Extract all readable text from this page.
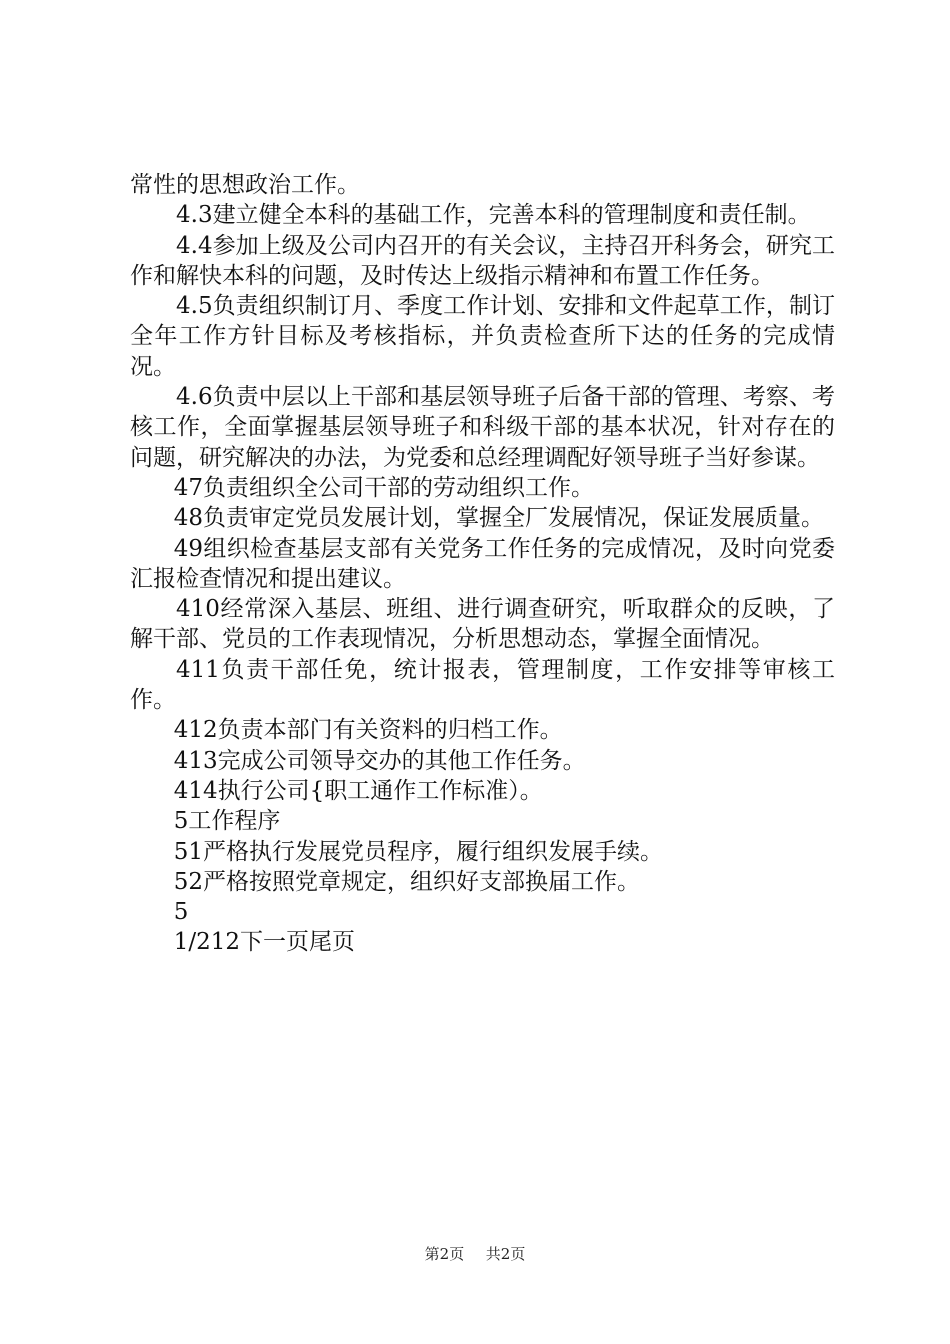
常性的思想政治工作。

4.3建立健全本科的基础工作，完善本科的管理制度和责任制。

4.4参加上级及公司内召开的有关会议，主持召开科务会，研究工作和解快本科的问题，及时传达上级指示精神和布置工作任务。

4.5负责组织制订月、季度工作计划、安排和文件起草工作，制订全年工作方针目标及考核指标，并负责检查所下达的任务的完成情况。

4.6负责中层以上干部和基层领导班子后备干部的管理、考察、考核工作，全面掌握基层领导班子和科级干部的基本状况，针对存在的问题，研究解决的办法，为党委和总经理调配好领导班子当好参谋。

47负责组织全公司干部的劳动组织工作。

48负责审定党员发展计划，掌握全厂发展情况，保证发展质量。

49组织检查基层支部有关党务工作任务的完成情况，及时向党委汇报检查情况和提出建议。

410经常深入基层、班组、进行调查研究，听取群众的反映，了解干部、党员的工作表现情况，分析思想动态，掌握全面情况。

411负责干部任免，统计报表，管理制度，工作安排等审核工作。

412负责本部门有关资料的归档工作。

413完成公司领导交办的其他工作任务。

414执行公司{职工通作工作标准）。

5工作程序

51严格执行发展党员程序，履行组织发展手续。

52严格按照党章规定，组织好支部换届工作。

5

1/212下一页尾页

第2页 共2页
